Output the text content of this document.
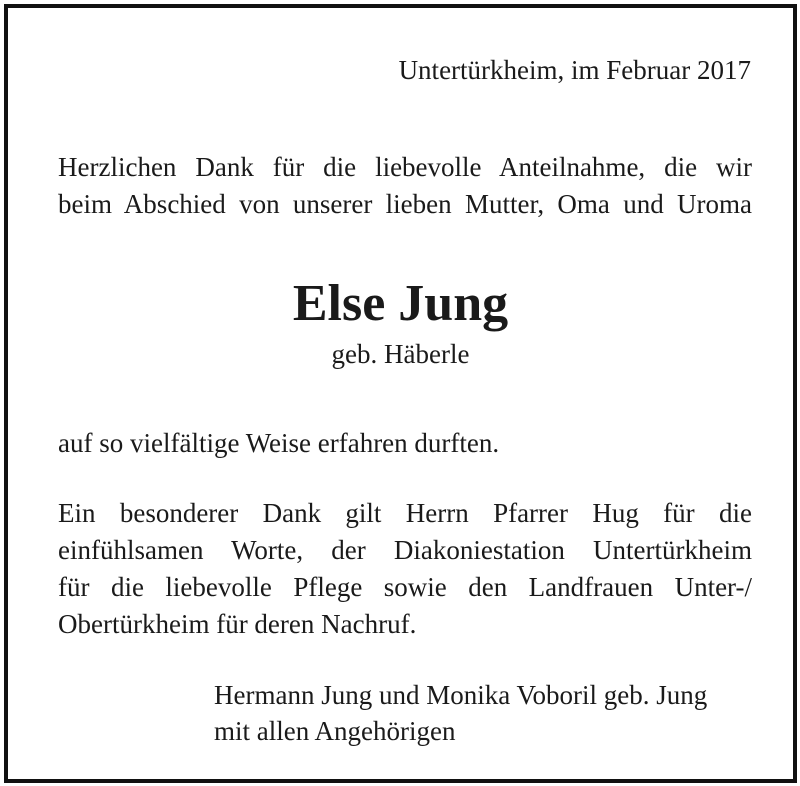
Untertürkheim, im Februar 2017

Herzlichen Dank für die liebevolle Anteilnahme, die wir

beim Abschied von unserer lieben Mutter, Oma und Uroma

Else Jung

geb. Häberle

auf so vielfältige Weise erfahren durften.

Ein besonderer Dank gilt Herrn Pfarrer Hug für die

einfühlsamen Worte, der Diakoniestation Untertürkheim

für die liebevolle Pflege sowie den Landfrauen Unter-/

Obertürkheim für deren Nachruf.

Hermann Jung und Monika Voboril geb. Jung

mit allen Angehörigen
